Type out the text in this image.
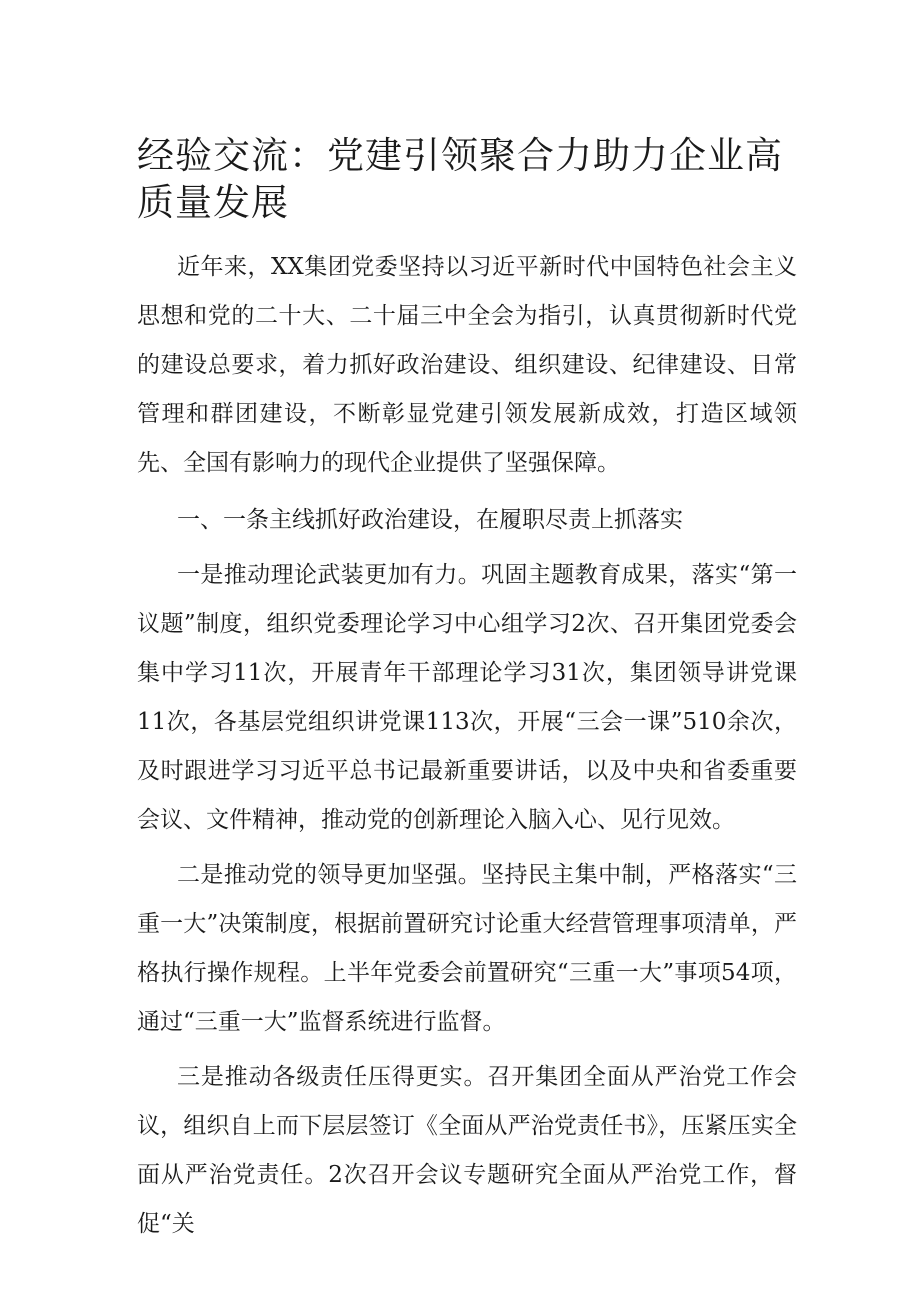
经验交流：党建引领聚合力助力企业高质量发展

近年来，XX集团党委坚持以习近平新时代中国特色社会主义思想和党的二十大、二十届三中全会为指引，认真贯彻新时代党的建设总要求，着力抓好政治建设、组织建设、纪律建设、日常管理和群团建设，不断彰显党建引领发展新成效，打造区域领先、全国有影响力的现代企业提供了坚强保障。

一、一条主线抓好政治建设，在履职尽责上抓落实

一是推动理论武装更加有力。巩固主题教育成果，落实“第一议题”制度，组织党委理论学习中心组学习2次、召开集团党委会集中学习11次，开展青年干部理论学习31次，集团领导讲党课11次，各基层党组织讲党课113次，开展“三会一课”510余次，及时跟进学习习近平总书记最新重要讲话，以及中央和省委重要会议、文件精神，推动党的创新理论入脑入心、见行见效。

二是推动党的领导更加坚强。坚持民主集中制，严格落实“三重一大”决策制度，根据前置研究讨论重大经营管理事项清单，严格执行操作规程。上半年党委会前置研究“三重一大”事项54项，通过“三重一大”监督系统进行监督。

三是推动各级责任压得更实。召开集团全面从严治党工作会议，组织自上而下层层签订《全面从严治党责任书》，压紧压实全面从严治党责任。2次召开会议专题研究全面从严治党工作，督促“关
